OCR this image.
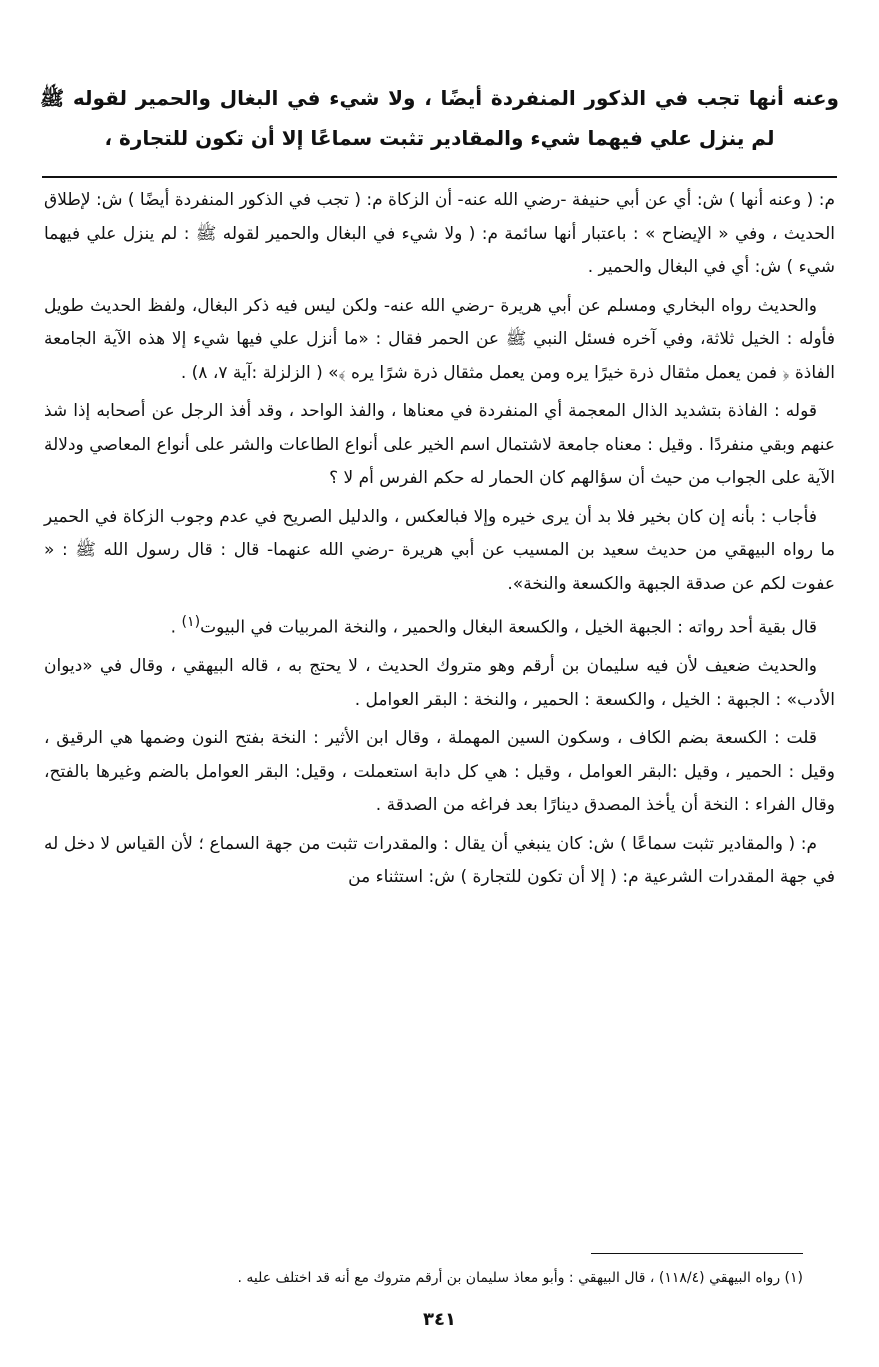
وعنه أنها تجب في الذكور المنفردة أيضًا ، ولا شيء في البغال والحمير لقوله ﷺ لم ينزل علي فيهما شيء والمقادير تثبت سماعًا إلا أن تكون للتجارة ،

م: ( وعنه أنها ) ش: أي عن أبي حنيفة -رضي الله عنه- أن الزكاة م: ( تجب في الذكور المنفردة أيضًا ) ش: لإطلاق الحديث ، وفي « الإيضاح » : باعتبار أنها سائمة م: ( ولا شيء في البغال والحمير لقوله ﷺ : لم ينزل علي فيهما شيء ) ش: أي في البغال والحمير .

والحديث رواه البخاري ومسلم عن أبي هريرة -رضي الله عنه- ولكن ليس فيه ذكر البغال، ولفظ الحديث طويل فأوله : الخيل ثلاثة، وفي آخره فسئل النبي ﷺ عن الحمر فقال : «ما أنزل علي فيها شيء إلا هذه الآية الجامعة الفاذة ﴿ فمن يعمل مثقال ذرة خيرًا يره ومن يعمل مثقال ذرة شرًا يره ﴾» ( الزلزلة :آية ٧، ٨) .

قوله : الفاذة بتشديد الذال المعجمة أي المنفردة في معناها ، والفذ الواحد ، وقد أفذ الرجل عن أصحابه إذا شذ عنهم وبقي منفردًا . وقيل : معناه جامعة لاشتمال اسم الخير على أنواع الطاعات والشر على أنواع المعاصي ودلالة الآية على الجواب من حيث أن سؤالهم كان الحمار له حكم الفرس أم لا ؟

فأجاب : بأنه إن كان بخير فلا بد أن يرى خيره وإلا فبالعكس ، والدليل الصريح في عدم وجوب الزكاة في الحمير ما رواه البيهقي من حديث سعيد بن المسيب عن أبي هريرة -رضي الله عنهما- قال : قال رسول الله ﷺ : « عفوت لكم عن صدقة الجبهة والكسعة والنخة».

قال بقية أحد رواته : الجبهة الخيل ، والكسعة البغال والحمير ، والنخة المربيات في البيوت$^{(١)}$ .

والحديث ضعيف لأن فيه سليمان بن أرقم وهو متروك الحديث ، لا يحتج به ، قاله البيهقي ، وقال في «ديوان الأدب» : الجبهة : الخيل ، والكسعة : الحمير ، والنخة : البقر العوامل .

قلت : الكسعة بضم الكاف ، وسكون السين المهملة ، وقال ابن الأثير : النخة بفتح النون وضمها هي الرقيق ، وقيل : الحمير ، وقيل :البقر العوامل ، وقيل : هي كل دابة استعملت ، وقيل: البقر العوامل بالضم وغيرها بالفتح، وقال الفراء : النخة أن يأخذ المصدق دينارًا بعد فراغه من الصدقة .

م: ( والمقادير تثبت سماعًا ) ش: كان ينبغي أن يقال : والمقدرات تثبت من جهة السماع ؛ لأن القياس لا دخل له في جهة المقدرات الشرعية م: ( إلا أن تكون للتجارة ) ش: استثناء من

(١) رواه البيهقي (١١٨/٤) ، قال البيهقي : وأبو معاذ سليمان بن أرقم متروك مع أنه قد اختلف عليه .
٣٤١
